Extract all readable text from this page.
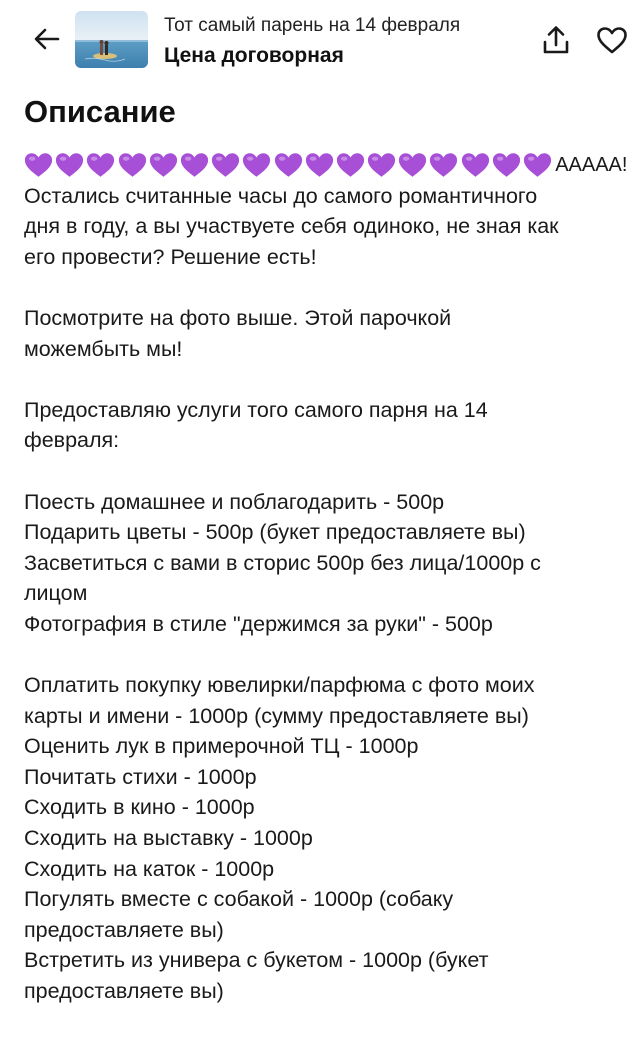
Тот самый парень на 14 февраля
Цена договорная
Описание
ААААА!
Остались считанные часы до самого романтичного
дня в году, а вы участвуете себя одиноко, не зная как
его провести? Решение есть!
Посмотрите на фото выше. Этой парочкой
можембыть мы!
Предоставляю услуги того самого парня на 14
февраля:
Поесть домашнее и поблагодарить - 500р
Подарить цветы - 500р (букет предоставляете вы)
Засветиться с вами в сторис 500р без лица/1000р с
лицом
Фотография в стиле "держимся за руки" - 500р
Оплатить покупку ювелирки/парфюма с фото моих
карты и имени - 1000р (сумму предоставляете вы)
Оценить лук в примерочной ТЦ - 1000р
Почитать стихи - 1000р
Сходить в кино - 1000р
Сходить на выставку - 1000р
Сходить на каток - 1000р
Погулять вместе с собакой - 1000р (собаку
предоставляете вы)
Встретить из универа с букетом - 1000р (букет
предоставляете вы)
